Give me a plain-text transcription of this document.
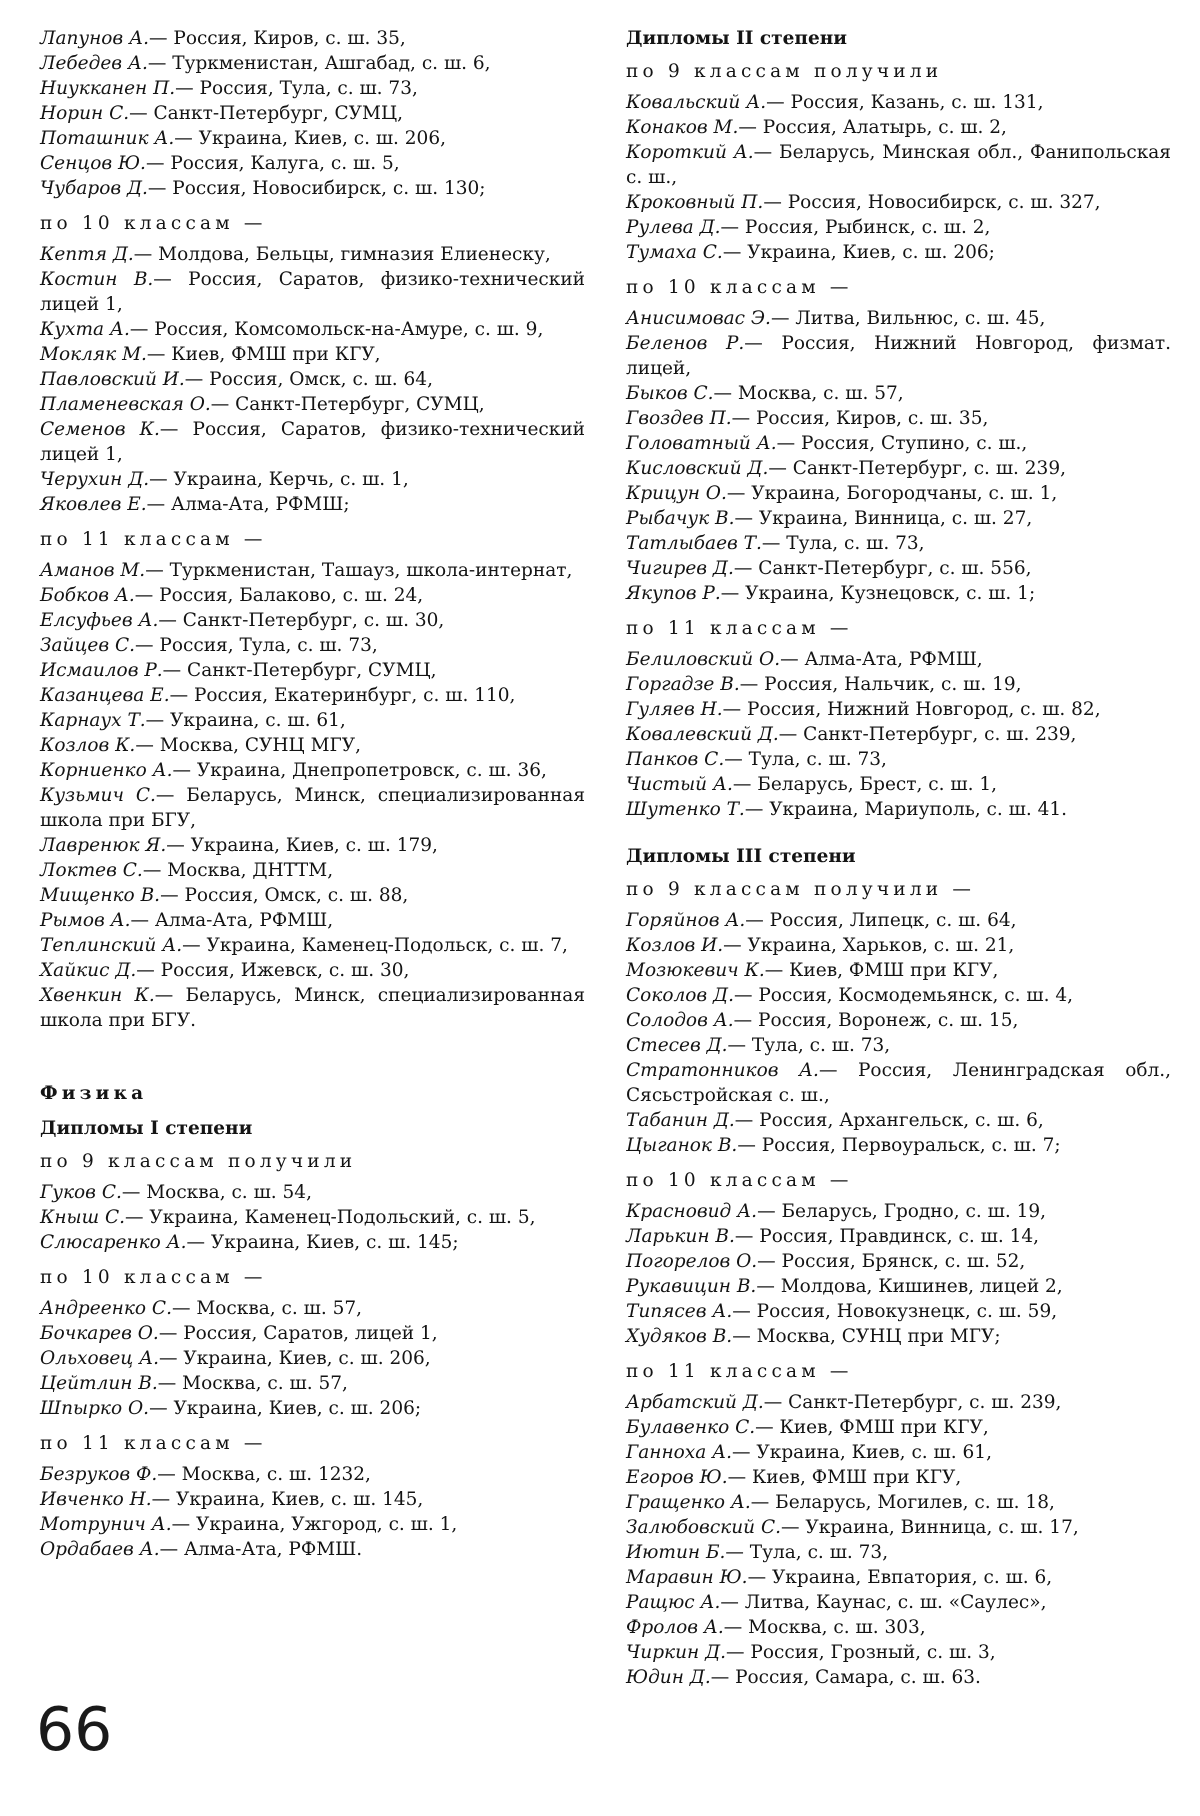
Лапунов А.— Россия, Киров, с. ш. 35,

Лебедев А.— Туркменистан, Ашгабад, с. ш. 6,

Ниукканен П.— Россия, Тула, с. ш. 73,

Норин С.— Санкт-Петербург, СУМЦ,

Поташник А.— Украина, Киев, с. ш. 206,

Сенцов Ю.— Россия, Калуга, с. ш. 5,

Чубаров Д.— Россия, Новосибирск, с. ш. 130;

по 10 классам —

Кептя Д.— Молдова, Бельцы, гимназия Елиенеску,

Костин В.— Россия, Саратов, физико-технический лицей 1,

Кухта А.— Россия, Комсомольск-на-Амуре, с. ш. 9,

Мокляк М.— Киев, ФМШ при КГУ,

Павловский И.— Россия, Омск, с. ш. 64,

Пламеневская О.— Санкт-Петербург, СУМЦ,

Семенов К.— Россия, Саратов, физико-технический лицей 1,

Черухин Д.— Украина, Керчь, с. ш. 1,

Яковлев Е.— Алма-Ата, РФМШ;

по 11 классам —

Аманов М.— Туркменистан, Ташауз, школа-интернат,

Бобков А.— Россия, Балаково, с. ш. 24,

Елсуфьев А.— Санкт-Петербург, с. ш. 30,

Зайцев С.— Россия, Тула, с. ш. 73,

Исмаилов Р.— Санкт-Петербург, СУМЦ,

Казанцева Е.— Россия, Екатеринбург, с. ш. 110,

Карнаух Т.— Украина, с. ш. 61,

Козлов К.— Москва, СУНЦ МГУ,

Корниенко А.— Украина, Днепропетровск, с. ш. 36,

Кузьмич С.— Беларусь, Минск, специализированная школа при БГУ,

Лавренюк Я.— Украина, Киев, с. ш. 179,

Локтев С.— Москва, ДНТТМ,

Мищенко В.— Россия, Омск, с. ш. 88,

Рымов А.— Алма-Ата, РФМШ,

Теплинский А.— Украина, Каменец-Подольск, с. ш. 7,

Хайкис Д.— Россия, Ижевск, с. ш. 30,

Хвенкин К.— Беларусь, Минск, специализированная школа при БГУ.

Физика
Дипломы I степени
по 9 классам получили

Гуков С.— Москва, с. ш. 54,

Кныш С.— Украина, Каменец-Подольский, с. ш. 5,

Слюсаренко А.— Украина, Киев, с. ш. 145;

по 10 классам —

Андреенко С.— Москва, с. ш. 57,

Бочкарев О.— Россия, Саратов, лицей 1,

Ольховец А.— Украина, Киев, с. ш. 206,

Цейтлин В.— Москва, с. ш. 57,

Шпырко О.— Украина, Киев, с. ш. 206;

по 11 классам —

Безруков Ф.— Москва, с. ш. 1232,

Ивченко Н.— Украина, Киев, с. ш. 145,

Мотрунич А.— Украина, Ужгород, с. ш. 1,

Ордабаев А.— Алма-Ата, РФМШ.

Дипломы II степени
по 9 классам получили

Ковальский А.— Россия, Казань, с. ш. 131,

Конаков М.— Россия, Алатырь, с. ш. 2,

Короткий А.— Беларусь, Минская обл., Фанипольская с. ш.,

Кроковный П.— Россия, Новосибирск, с. ш. 327,

Рулева Д.— Россия, Рыбинск, с. ш. 2,

Тумаха С.— Украина, Киев, с. ш. 206;

по 10 классам —

Анисимовас Э.— Литва, Вильнюс, с. ш. 45,

Беленов Р.— Россия, Нижний Новгород, физмат. лицей,

Быков С.— Москва, с. ш. 57,

Гвоздев П.— Россия, Киров, с. ш. 35,

Головатный А.— Россия, Ступино, с. ш.,

Кисловский Д.— Санкт-Петербург, с. ш. 239,

Крицун О.— Украина, Богородчаны, с. ш. 1,

Рыбачук В.— Украина, Винница, с. ш. 27,

Татлыбаев Т.— Тула, с. ш. 73,

Чигирев Д.— Санкт-Петербург, с. ш. 556,

Якупов Р.— Украина, Кузнецовск, с. ш. 1;

по 11 классам —

Белиловский О.— Алма-Ата, РФМШ,

Горгадзе В.— Россия, Нальчик, с. ш. 19,

Гуляев Н.— Россия, Нижний Новгород, с. ш. 82,

Ковалевский Д.— Санкт-Петербург, с. ш. 239,

Панков С.— Тула, с. ш. 73,

Чистый А.— Беларусь, Брест, с. ш. 1,

Шутенко Т.— Украина, Мариуполь, с. ш. 41.

Дипломы III степени
по 9 классам получили —

Горяйнов А.— Россия, Липецк, с. ш. 64,

Козлов И.— Украина, Харьков, с. ш. 21,

Мозюкевич К.— Киев, ФМШ при КГУ,

Соколов Д.— Россия, Космодемьянск, с. ш. 4,

Солодов А.— Россия, Воронеж, с. ш. 15,

Стесев Д.— Тула, с. ш. 73,

Стратонников А.— Россия, Ленинградская обл., Сясьстройская с. ш.,

Табанин Д.— Россия, Архангельск, с. ш. 6,

Цыганок В.— Россия, Первоуральск, с. ш. 7;

по 10 классам —

Красновид А.— Беларусь, Гродно, с. ш. 19,

Ларькин В.— Россия, Правдинск, с. ш. 14,

Погорелов О.— Россия, Брянск, с. ш. 52,

Рукавицин В.— Молдова, Кишинев, лицей 2,

Типясев А.— Россия, Новокузнецк, с. ш. 59,

Худяков В.— Москва, СУНЦ при МГУ;

по 11 классам —

Арбатский Д.— Санкт-Петербург, с. ш. 239,

Булавенко С.— Киев, ФМШ при КГУ,

Ганноха А.— Украина, Киев, с. ш. 61,

Егоров Ю.— Киев, ФМШ при КГУ,

Гращенко А.— Беларусь, Могилев, с. ш. 18,

Залюбовский С.— Украина, Винница, с. ш. 17,

Иютин Б.— Тула, с. ш. 73,

Маравин Ю.— Украина, Евпатория, с. ш. 6,

Ращюс А.— Литва, Каунас, с. ш. «Саулес»,

Фролов А.— Москва, с. ш. 303,

Чиркин Д.— Россия, Грозный, с. ш. 3,

Юдин Д.— Россия, Самара, с. ш. 63.

66
